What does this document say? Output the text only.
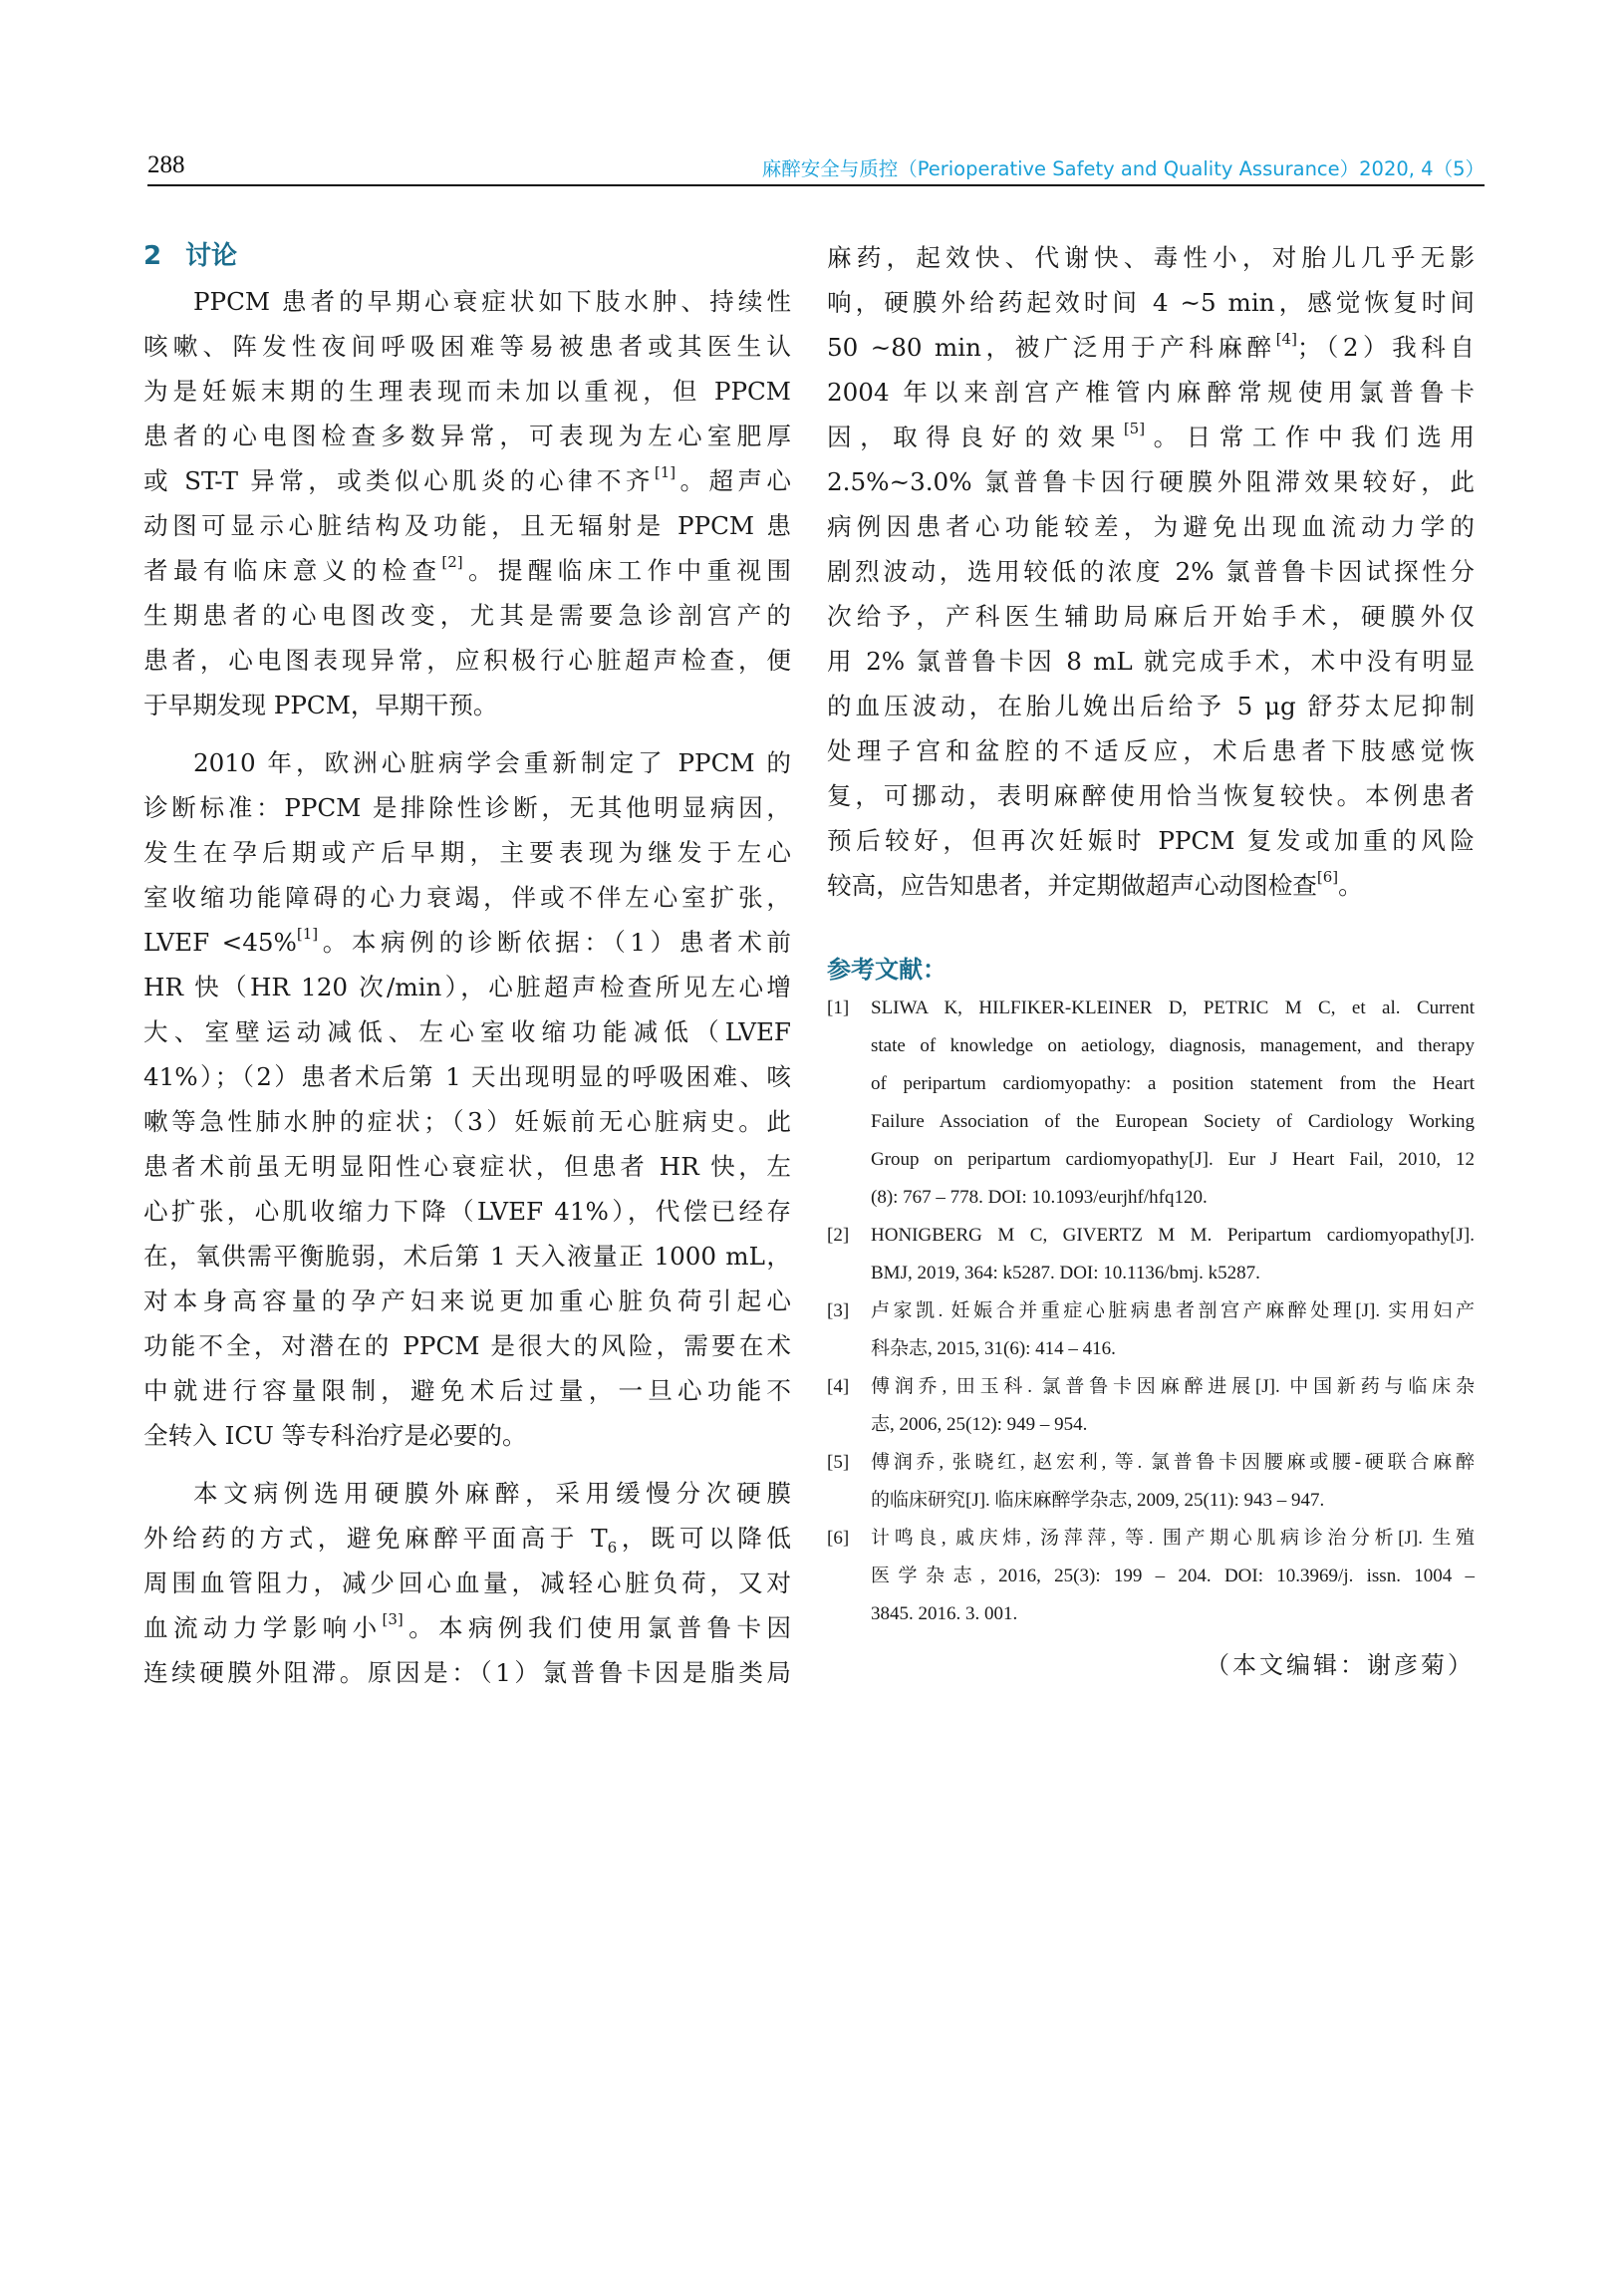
288	麻醉安全与质控（Perioperative Safety and Quality Assurance）2020, 4（5）
2 讨论
PPCM 患者的早期心衰症状如下肢水肿、持续性
咳嗽、阵发性夜间呼吸困难等易被患者或其医生认
为是妊娠末期的生理表现而未加以重视，但 PPCM
患者的心电图检查多数异常，可表现为左心室肥厚
或 ST-T 异常，或类似心肌炎的心律不齐[1]。超声心
动图可显示心脏结构及功能，且无辐射是 PPCM 患
者最有临床意义的检查[2]。提醒临床工作中重视围
生期患者的心电图改变，尤其是需要急诊剖宫产的
患者，心电图表现异常，应积极行心脏超声检查，便
于早期发现 PPCM，早期干预。
2010 年，欧洲心脏病学会重新制定了 PPCM 的
诊断标准：PPCM 是排除性诊断，无其他明显病因，
发生在孕后期或产后早期，主要表现为继发于左心
室收缩功能障碍的心力衰竭，伴或不伴左心室扩张，
LVEF <45%[1]。本病例的诊断依据：（1）患者术前
HR 快（HR 120 次/min），心脏超声检查所见左心增
大、室壁运动减低、左心室收缩功能减低（LVEF
41%）；（2）患者术后第 1 天出现明显的呼吸困难、咳
嗽等急性肺水肿的症状；（3）妊娠前无心脏病史。此
患者术前虽无明显阳性心衰症状，但患者 HR 快，左
心扩张，心肌收缩力下降（LVEF 41%），代偿已经存
在，氧供需平衡脆弱，术后第 1 天入液量正 1000 mL，
对本身高容量的孕产妇来说更加重心脏负荷引起心
功能不全，对潜在的 PPCM 是很大的风险，需要在术
中就进行容量限制，避免术后过量，一旦心功能不
全转入 ICU 等专科治疗是必要的。
本文病例选用硬膜外麻醉，采用缓慢分次硬膜
外给药的方式，避免麻醉平面高于 $T_6$，既可以降低
周围血管阻力，减少回心血量，减轻心脏负荷，又对
血流动力学影响小[3]。本病例我们使用氯普鲁卡因
连续硬膜外阻滞。原因是：（1）氯普鲁卡因是脂类局
麻药，起效快、代谢快、毒性小，对胎儿几乎无影
响，硬膜外给药起效时间 4 ~5 min，感觉恢复时间
50 ~80 min，被广泛用于产科麻醉[4]；（2）我科自
2004 年以来剖宫产椎管内麻醉常规使用氯普鲁卡
因，取得良好的效果[5]。日常工作中我们选用
2.5%~3.0% 氯普鲁卡因行硬膜外阻滞效果较好，此
病例因患者心功能较差，为避免出现血流动力学的
剧烈波动，选用较低的浓度 2% 氯普鲁卡因试探性分
次给予，产科医生辅助局麻后开始手术，硬膜外仅
用 2% 氯普鲁卡因 8 mL 就完成手术，术中没有明显
的血压波动，在胎儿娩出后给予 5 μg 舒芬太尼抑制
处理子宫和盆腔的不适反应，术后患者下肢感觉恢
复，可挪动，表明麻醉使用恰当恢复较快。本例患者
预后较好，但再次妊娠时 PPCM 复发或加重的风险
较高，应告知患者，并定期做超声心动图检查[6]。
参考文献：
[1] SLIWA K, HILFIKER-KLEINER D, PETRIC M C, et al. Current
state of knowledge on aetiology, diagnosis, management, and therapy
of peripartum cardiomyopathy: a position statement from the Heart
Failure Association of the European Society of Cardiology Working
Group on peripartum cardiomyopathy[J]. Eur J Heart Fail, 2010, 12
(8): 767 – 778. DOI: 10.1093/eurjhf/hfq120.
[2] HONIGBERG M C, GIVERTZ M M. Peripartum cardiomyopathy[J].
BMJ, 2019, 364: k5287. DOI: 10.1136/bmj. k5287.
[3] 卢家凯. 妊娠合并重症心脏病患者剖宫产麻醉处理[J]. 实用妇产
科杂志, 2015, 31(6): 414 – 416.
[4] 傅润乔, 田玉科. 氯普鲁卡因麻醉进展[J]. 中国新药与临床杂
志, 2006, 25(12): 949 – 954.
[5] 傅润乔, 张晓红, 赵宏利, 等. 氯普鲁卡因腰麻或腰-硬联合麻醉
的临床研究[J]. 临床麻醉学杂志, 2009, 25(11): 943 – 947.
[6] 计鸣良, 戚庆炜, 汤萍萍, 等. 围产期心肌病诊治分析[J]. 生殖
医学杂志, 2016, 25(3): 199 – 204. DOI: 10.3969/j. issn. 1004 –
3845. 2016. 3. 001.
（本文编辑：谢彦菊）
